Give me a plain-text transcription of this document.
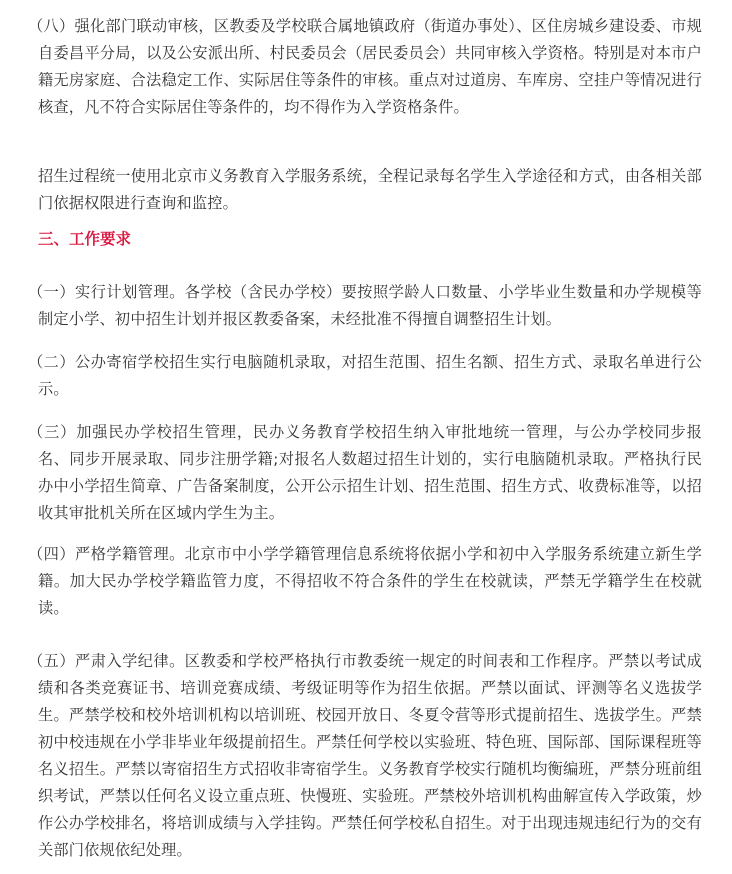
（八）强化部门联动审核，区教委及学校联合属地镇政府（街道办事处）、区住房城乡建设委、市规自委昌平分局，以及公安派出所、村民委员会（居民委员会）共同审核入学资格。特别是对本市户籍无房家庭、合法稳定工作、实际居住等条件的审核。重点对过道房、车库房、空挂户等情况进行核查，凡不符合实际居住等条件的，均不得作为入学资格条件。

招生过程统一使用北京市义务教育入学服务系统，全程记录每名学生入学途径和方式，由各相关部门依据权限进行查询和监控。

三、工作要求

（一）实行计划管理。各学校（含民办学校）要按照学龄人口数量、小学毕业生数量和办学规模等制定小学、初中招生计划并报区教委备案，未经批准不得擅自调整招生计划。

（二）公办寄宿学校招生实行电脑随机录取，对招生范围、招生名额、招生方式、录取名单进行公示。

（三）加强民办学校招生管理，民办义务教育学校招生纳入审批地统一管理，与公办学校同步报名、同步开展录取、同步注册学籍;对报名人数超过招生计划的，实行电脑随机录取。严格执行民办中小学招生简章、广告备案制度，公开公示招生计划、招生范围、招生方式、收费标准等，以招收其审批机关所在区域内学生为主。

（四）严格学籍管理。北京市中小学学籍管理信息系统将依据小学和初中入学服务系统建立新生学籍。加大民办学校学籍监管力度，不得招收不符合条件的学生在校就读，严禁无学籍学生在校就读。

（五）严肃入学纪律。区教委和学校严格执行市教委统一规定的时间表和工作程序。严禁以考试成绩和各类竞赛证书、培训竞赛成绩、考级证明等作为招生依据。严禁以面试、评测等名义选拔学生。严禁学校和校外培训机构以培训班、校园开放日、冬夏令营等形式提前招生、选拔学生。严禁初中校违规在小学非毕业年级提前招生。严禁任何学校以实验班、特色班、国际部、国际课程班等名义招生。严禁以寄宿招生方式招收非寄宿学生。义务教育学校实行随机均衡编班，严禁分班前组织考试，严禁以任何名义设立重点班、快慢班、实验班。严禁校外培训机构曲解宣传入学政策，炒作公办学校排名，将培训成绩与入学挂钩。严禁任何学校私自招生。对于出现违规违纪行为的交有关部门依规依纪处理。
